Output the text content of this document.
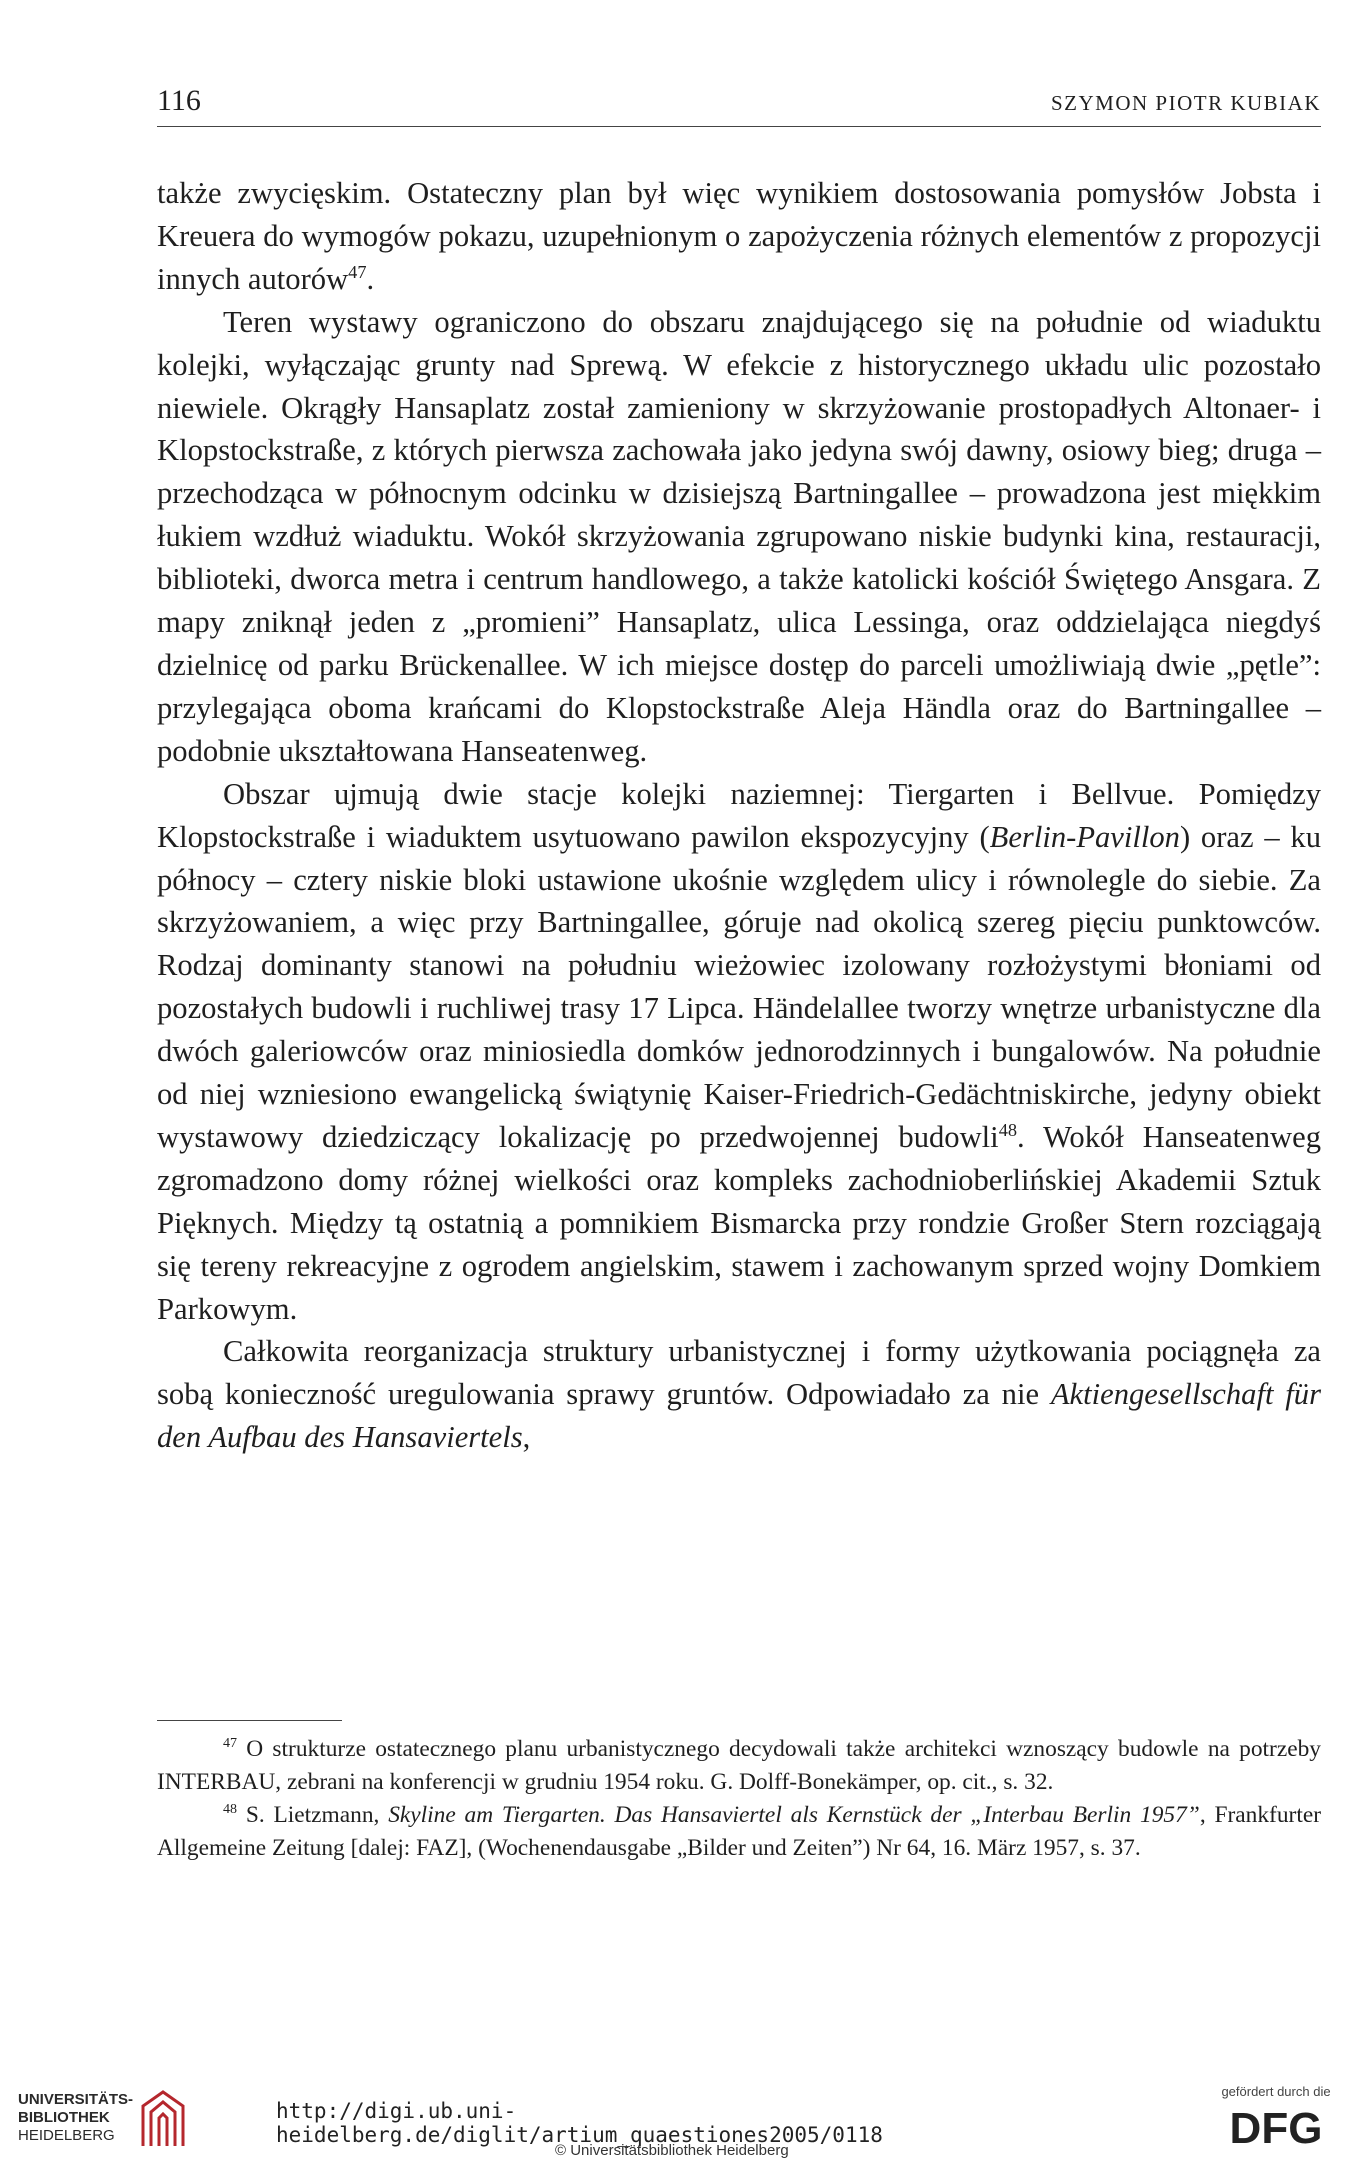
116	SZYMON PIOTR KUBIAK

także zwycięskim. Ostateczny plan był więc wynikiem dostosowania pomysłów Jobsta i Kreuera do wymogów pokazu, uzupełnionym o zapożyczenia różnych elementów z propozycji innych autorów$^{47}$.

Teren wystawy ograniczono do obszaru znajdującego się na południe od wiaduktu kolejki, wyłączając grunty nad Sprewą. W efekcie z historycznego układu ulic pozostało niewiele. Okrągły Hansaplatz został zamieniony w skrzyżowanie prostopadłych Altonaer- i Klopstockstraße, z których pierwsza zachowała jako jedyna swój dawny, osiowy bieg; druga – przechodząca w północnym odcinku w dzisiejszą Bartningallee – prowadzona jest miękkim łukiem wzdłuż wiaduktu. Wokół skrzyżowania zgrupowano niskie budynki kina, restauracji, biblioteki, dworca metra i centrum handlowego, a także katolicki kościół Świętego Ansgara. Z mapy zniknął jeden z „promieni” Hansaplatz, ulica Lessinga, oraz oddzielająca niegdyś dzielnicę od parku Brückenallee. W ich miejsce dostęp do parceli umożliwiają dwie „pętle”: przylegająca oboma krańcami do Klopstockstraße Aleja Händla oraz do Bartningallee – podobnie ukształtowana Hanseatenweg.

Obszar ujmują dwie stacje kolejki naziemnej: Tiergarten i Bellvue. Pomiędzy Klopstockstraße i wiaduktem usytuowano pawilon ekspozycyjny (Berlin-Pavillon) oraz – ku północy – cztery niskie bloki ustawione ukośnie względem ulicy i równolegle do siebie. Za skrzyżowaniem, a więc przy Bartningallee, góruje nad okolicą szereg pięciu punktowców. Rodzaj dominanty stanowi na południu wieżowiec izolowany rozłożystymi błoniami od pozostałych budowli i ruchliwej trasy 17 Lipca. Händelallee tworzy wnętrze urbanistyczne dla dwóch galeriowców oraz miniosiedla domków jednorodzinnych i bungalowów. Na południe od niej wzniesiono ewangelicką świątynię Kaiser-Friedrich-Gedächtniskirche, jedyny obiekt wystawowy dziedziczący lokalizację po przedwojennej budowli$^{48}$. Wokół Hanseatenweg zgromadzono domy różnej wielkości oraz kompleks zachodnioberlińskiej Akademii Sztuk Pięknych. Między tą ostatnią a pomnikiem Bismarcka przy rondzie Großer Stern rozciągają się tereny rekreacyjne z ogrodem angielskim, stawem i zachowanym sprzed wojny Domkiem Parkowym.

Całkowita reorganizacja struktury urbanistycznej i formy użytkowania pociągnęła za sobą konieczność uregulowania sprawy gruntów. Odpowiadało za nie Aktiengesellschaft für den Aufbau des Hansaviertels,

$^{47}$ O strukturze ostatecznego planu urbanistycznego decydowali także architekci wznoszący budowle na potrzeby INTERBAU, zebrani na konferencji w grudniu 1954 roku. G. Dolff-Bonekämper, op. cit., s. 32.

$^{48}$ S. Lietzmann, Skyline am Tiergarten. Das Hansaviertel als Kernstück der „Interbau Berlin 1957”, Frankfurter Allgemeine Zeitung [dalej: FAZ], (Wochenendausgabe „Bilder und Zeiten”) Nr 64, 16. März 1957, s. 37.

UNIVERSITÄTS-
BIBLIOTHEK
HEIDELBERG
http://digi.ub.uni-heidelberg.de/diglit/artium_quaestiones2005/0118
© Universitätsbibliothek Heidelberg
gefördert durch die
DFG
